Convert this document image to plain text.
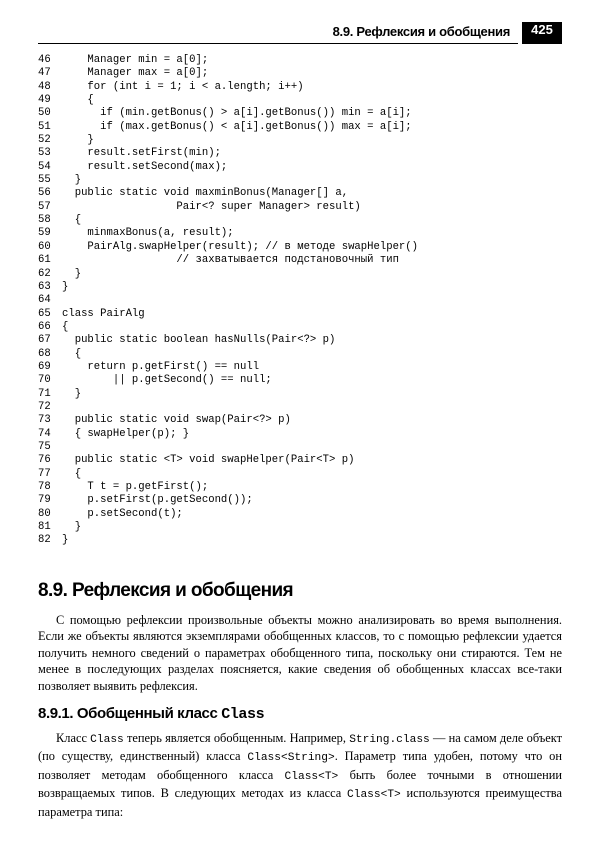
8.9. Рефлексия и обобщения	425
46    Manager min = a[0];
47    Manager max = a[0];
48    for (int i = 1; i < a.length; i++)
49    {
50      if (min.getBonus() > a[i].getBonus()) min = a[i];
51      if (max.getBonus() < a[i].getBonus()) max = a[i];
52    }
53    result.setFirst(min);
54    result.setSecond(max);
55  }
56  public static void maxminBonus(Manager[] a,
57                  Pair<? super Manager> result)
58  {
59    minmaxBonus(a, result);
60    PairAlg.swapHelper(result); // в методе swapHelper()
61                  // захватывается подстановочный тип
62  }
63 }
64
65 class PairAlg
66 {
67  public static boolean hasNulls(Pair<?> p)
68  {
69    return p.getFirst() == null
70        || p.getSecond() == null;
71  }
72
73  public static void swap(Pair<?> p)
74  { swapHelper(p); }
75
76  public static <T> void swapHelper(Pair<T> p)
77  {
78    T t = p.getFirst();
79    p.setFirst(p.getSecond());
80    p.setSecond(t);
81  }
82 }
8.9. Рефлексия и обобщения
С помощью рефлексии произвольные объекты можно анализировать во время выполнения. Если же объекты являются экземплярами обобщенных классов, то с помощью рефлексии удается получить немного сведений о параметрах обобщенного типа, поскольку они стираются. Тем не менее в последующих разделах поясняется, какие сведения об обобщенных классах все-таки позволяет выявить рефлексия.
8.9.1. Обобщенный класс Class
Класс Class теперь является обобщенным. Например, String.class — на самом деле объект (по существу, единственный) класса Class<String>. Параметр типа удобен, потому что он позволяет методам обобщенного класса Class<T> быть более точными в отношении возвращаемых типов. В следующих методах из класса Class<T> используются преимущества параметра типа:
